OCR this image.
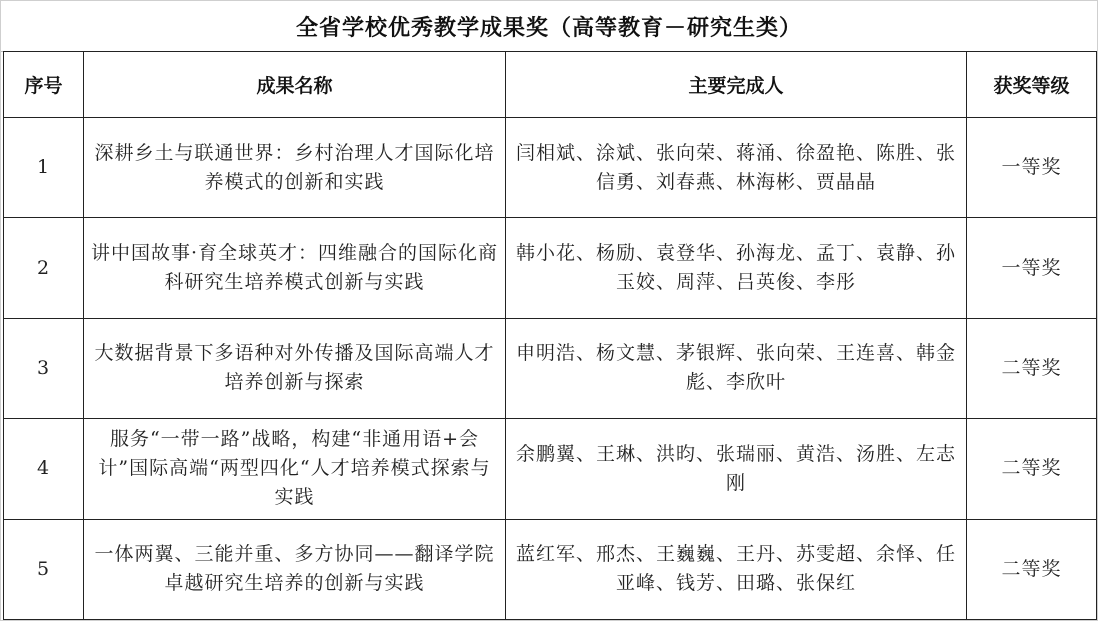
全省学校优秀教学成果奖（高等教育－研究生类）
序号	成果名称	主要完成人	获奖等级
1	深耕乡土与联通世界：乡村治理人才国际化培养模式的创新和实践	闫相斌、涂斌、张向荣、蒋涌、徐盈艳、陈胜、张信勇、刘春燕、林海彬、贾晶晶	一等奖
2	讲中国故事·育全球英才：四维融合的国际化商科研究生培养模式创新与实践	韩小花、杨励、袁登华、孙海龙、孟丁、袁静、孙玉姣、周萍、吕英俊、李彤	一等奖
3	大数据背景下多语种对外传播及国际高端人才培养创新与探索	申明浩、杨文慧、茅银辉、张向荣、王连喜、韩金彪、李欣叶	二等奖
4	服务“一带一路”战略，构建“非通用语+会计”国际高端“两型四化“人才培养模式探索与实践	余鹏翼、王琳、洪昀、张瑞丽、黄浩、汤胜、左志刚	二等奖
5	一体两翼、三能并重、多方协同——翻译学院卓越研究生培养的创新与实践	蓝红军、邢杰、王巍巍、王丹、苏雯超、余怿、任亚峰、钱芳、田璐、张保红	二等奖
